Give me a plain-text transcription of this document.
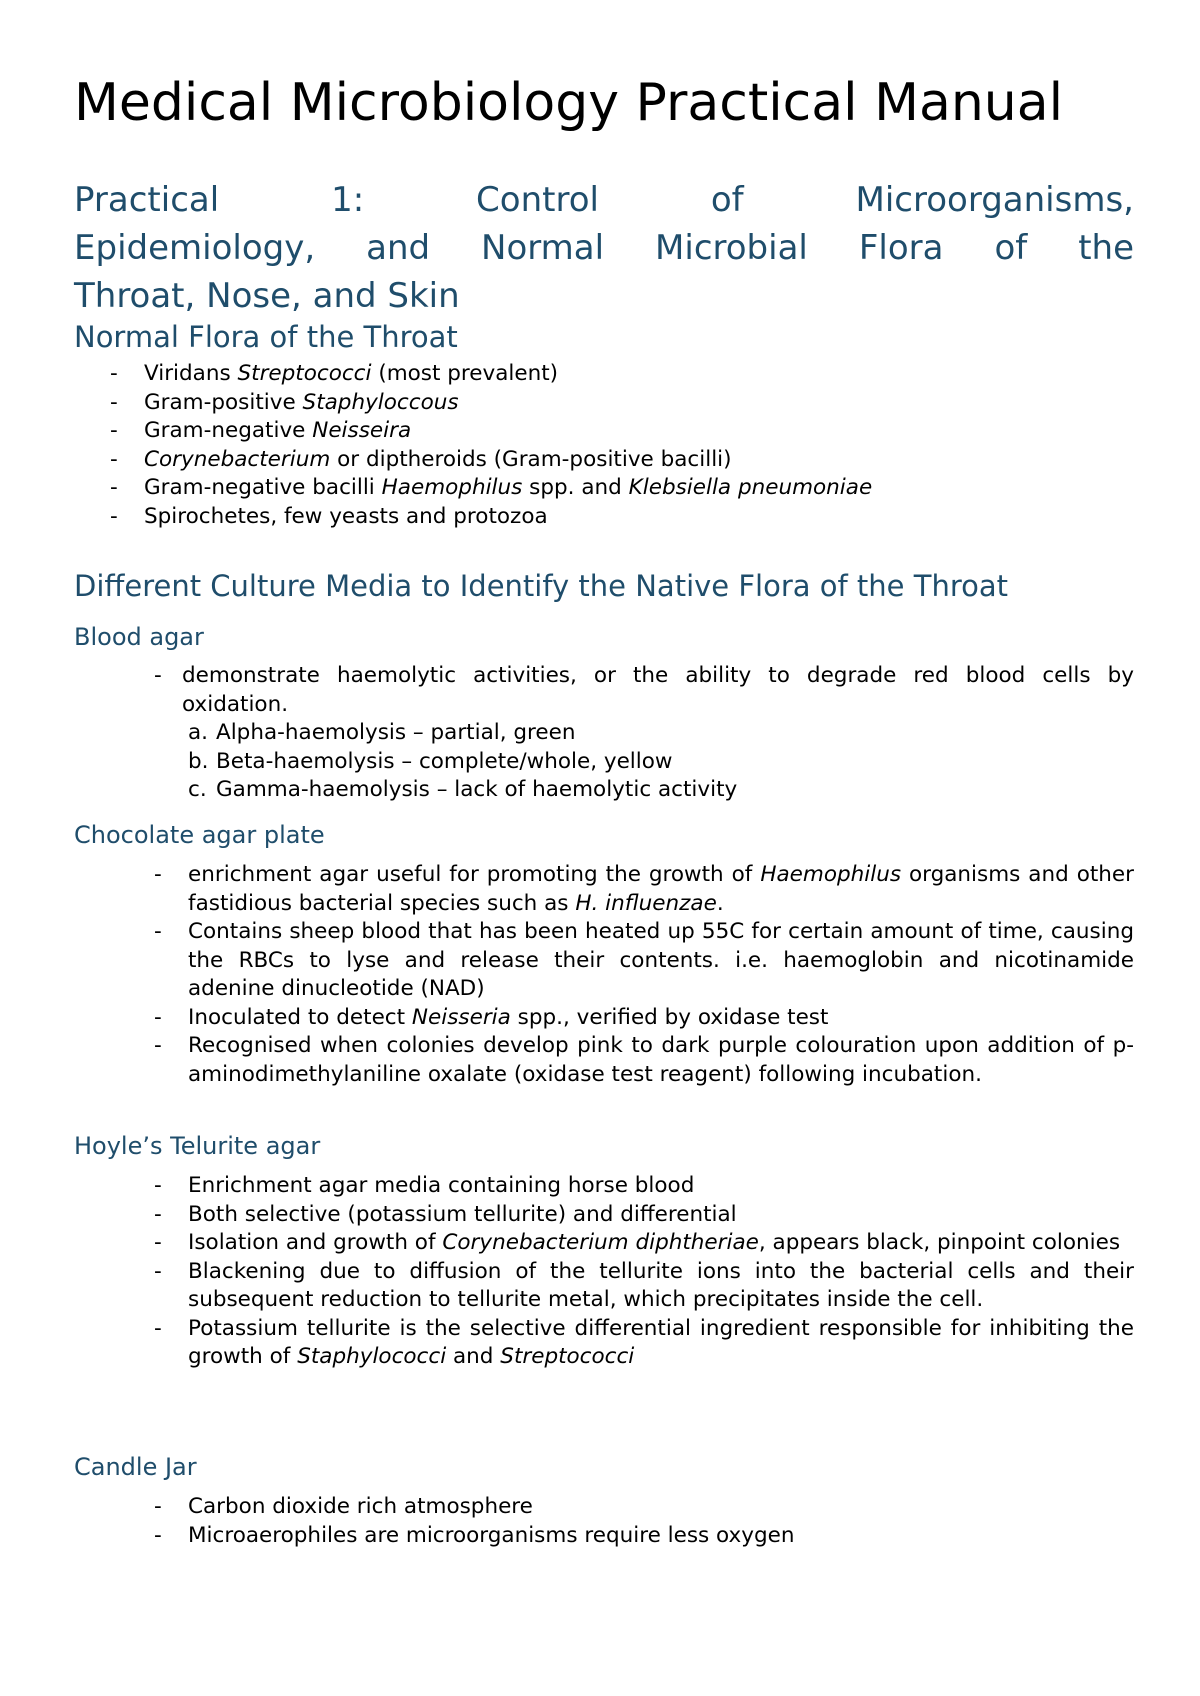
Medical Microbiology Practical Manual
Practical 1: Control of Microorganisms,
Epidemiology, and Normal Microbial Flora of the
Throat, Nose, and Skin
Normal Flora of the Throat
- Viridans Streptococci (most prevalent)
- Gram-positive Staphyloccous
- Gram-negative Neisseira
- Corynebacterium or diptheroids (Gram-positive bacilli)
- Gram-negative bacilli Haemophilus spp. and Klebsiella pneumoniae
- Spirochetes, few yeasts and protozoa
Different Culture Media to Identify the Native Flora of the Throat
Blood agar
- demonstrate haemolytic activities, or the ability to degrade red blood cells by oxidation.
a. Alpha-haemolysis – partial, green
b. Beta-haemolysis – complete/whole, yellow
c. Gamma-haemolysis – lack of haemolytic activity
Chocolate agar plate
- enrichment agar useful for promoting the growth of Haemophilus organisms and other fastidious bacterial species such as H. influenzae.
- Contains sheep blood that has been heated up 55C for certain amount of time, causing the RBCs to lyse and release their contents. i.e. haemoglobin and nicotinamide adenine dinucleotide (NAD)
- Inoculated to detect Neisseria spp., verified by oxidase test
- Recognised when colonies develop pink to dark purple colouration upon addition of p-aminodimethylaniline oxalate (oxidase test reagent) following incubation.
Hoyle’s Telurite agar
- Enrichment agar media containing horse blood
- Both selective (potassium tellurite) and differential
- Isolation and growth of Corynebacterium diphtheriae, appears black, pinpoint colonies
- Blackening due to diffusion of the tellurite ions into the bacterial cells and their subsequent reduction to tellurite metal, which precipitates inside the cell.
- Potassium tellurite is the selective differential ingredient responsible for inhibiting the growth of Staphylococci and Streptococci
Candle Jar
- Carbon dioxide rich atmosphere
- Microaerophiles are microorganisms require less oxygen
